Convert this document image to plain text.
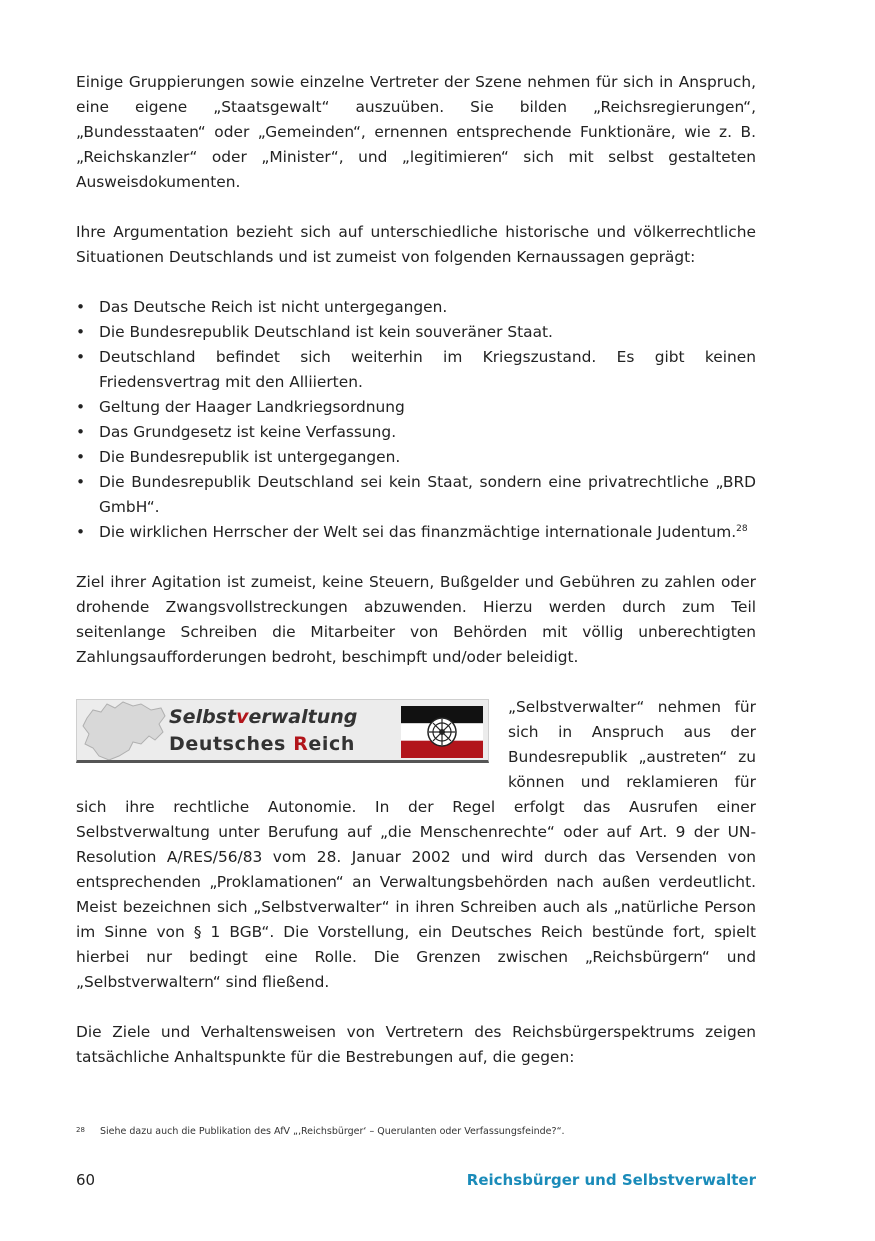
Einige Gruppierungen sowie einzelne Vertreter der Szene nehmen für sich in Anspruch, eine eigene „Staatsgewalt“ auszuüben. Sie bilden „Reichsregierungen“, „Bundesstaaten“ oder „Gemeinden“, ernennen entsprechende Funktionäre, wie z. B. „Reichskanzler“ oder „Minister“, und „legitimieren“ sich mit selbst gestalteten Ausweisdokumenten.

Ihre Argumentation bezieht sich auf unterschiedliche historische und völkerrechtliche Situationen Deutschlands und ist zumeist von folgenden Kernaussagen geprägt:

• Das Deutsche Reich ist nicht untergegangen.
• Die Bundesrepublik Deutschland ist kein souveräner Staat.
• Deutschland befindet sich weiterhin im Kriegszustand. Es gibt keinen Friedensvertrag mit den Alliierten.
• Geltung der Haager Landkriegsordnung
• Das Grundgesetz ist keine Verfassung.
• Die Bundesrepublik ist untergegangen.
• Die Bundesrepublik Deutschland sei kein Staat, sondern eine privatrechtliche „BRD GmbH“.
• Die wirklichen Herrscher der Welt sei das finanzmächtige internationale Judentum.$^{28}$

Ziel ihrer Agitation ist zumeist, keine Steuern, Bußgelder und Gebühren zu zahlen oder drohende Zwangsvollstreckungen abzuwenden. Hierzu werden durch zum Teil seitenlange Schreiben die Mitarbeiter von Behörden mit völlig unberechtigten Zahlungsaufforderungen bedroht, beschimpft und/oder beleidigt.

Selbstverwaltung
Deutsches Reich

„Selbstverwalter“ nehmen für sich in Anspruch aus der Bundesrepublik „austreten“ zu können und reklamieren für sich ihre rechtliche Autonomie. In der Regel erfolgt das Ausrufen einer Selbstverwaltung unter Berufung auf „die Menschenrechte“ oder auf Art. 9 der UN-Resolution A/RES/56/83 vom 28. Januar 2002 und wird durch das Versenden von entsprechenden „Proklamationen“ an Verwaltungsbehörden nach außen verdeutlicht. Meist bezeichnen sich „Selbstverwalter“ in ihren Schreiben auch als „natürliche Person im Sinne von § 1 BGB“. Die Vorstellung, ein Deutsches Reich bestünde fort, spielt hierbei nur bedingt eine Rolle. Die Grenzen zwischen „Reichsbürgern“ und „Selbstverwaltern“ sind fließend.

Die Ziele und Verhaltensweisen von Vertretern des Reichsbürgerspektrums zeigen tatsächliche Anhaltspunkte für die Bestrebungen auf, die gegen:

28 Siehe dazu auch die Publikation des AfV „‚Reichsbürger‘ – Querulanten oder Verfassungsfeinde?“.
60	Reichsbürger und Selbstverwalter
